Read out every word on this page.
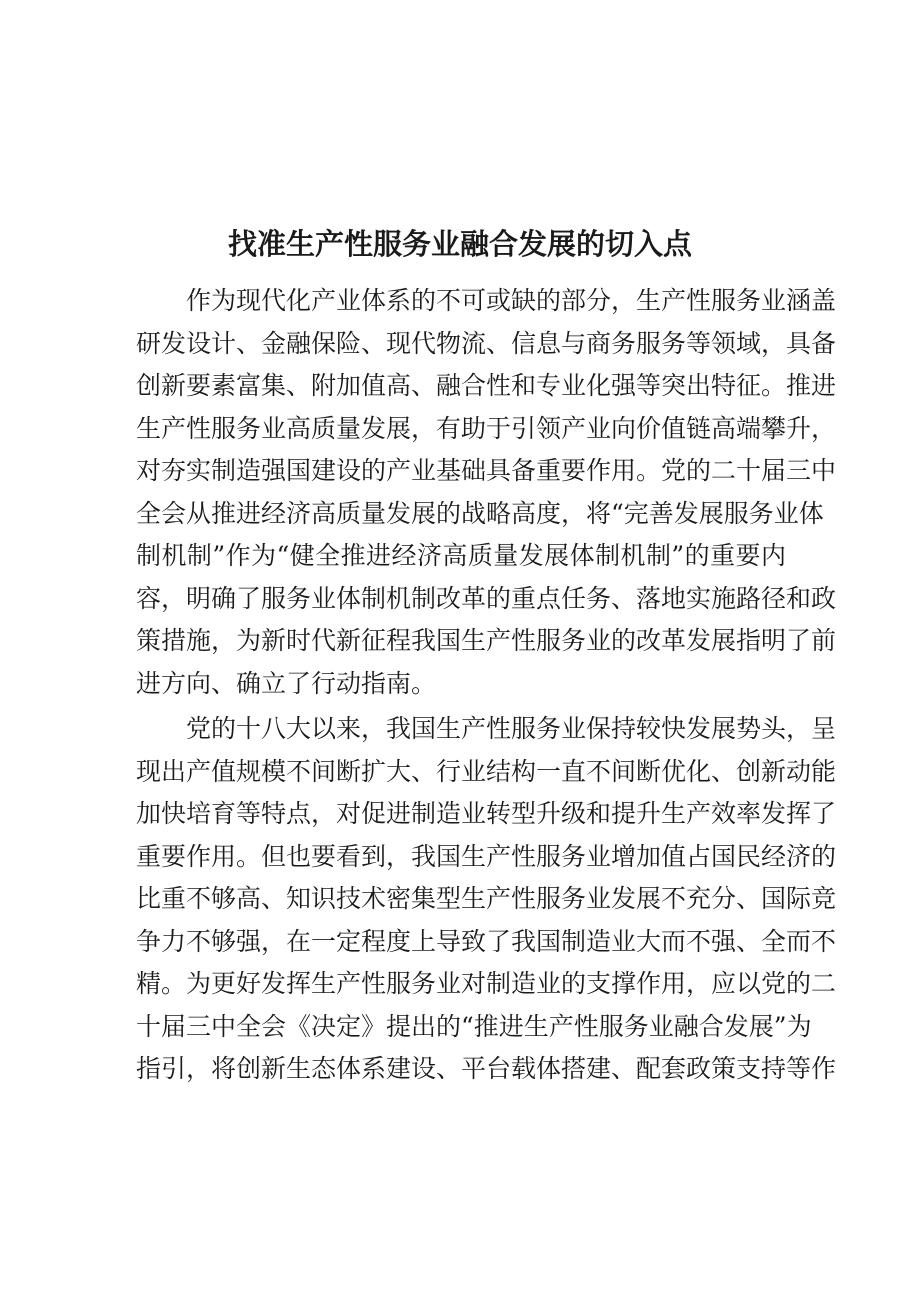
找准生产性服务业融合发展的切入点
作为现代化产业体系的不可或缺的部分，生产性服务业涵盖
研发设计、金融保险、现代物流、信息与商务服务等领域，具备
创新要素富集、附加值高、融合性和专业化强等突出特征。推进
生产性服务业高质量发展，有助于引领产业向价值链高端攀升，
对夯实制造强国建设的产业基础具备重要作用。党的二十届三中
全会从推进经济高质量发展的战略高度，将“完善发展服务业体
制机制”作为“健全推进经济高质量发展体制机制”的重要内
容，明确了服务业体制机制改革的重点任务、落地实施路径和政
策措施，为新时代新征程我国生产性服务业的改革发展指明了前
进方向、确立了行动指南。
党的十八大以来，我国生产性服务业保持较快发展势头，呈
现出产值规模不间断扩大、行业结构一直不间断优化、创新动能
加快培育等特点，对促进制造业转型升级和提升生产效率发挥了
重要作用。但也要看到，我国生产性服务业增加值占国民经济的
比重不够高、知识技术密集型生产性服务业发展不充分、国际竞
争力不够强，在一定程度上导致了我国制造业大而不强、全而不
精。为更好发挥生产性服务业对制造业的支撑作用，应以党的二
十届三中全会《决定》提出的“推进生产性服务业融合发展”为
指引，将创新生态体系建设、平台载体搭建、配套政策支持等作
